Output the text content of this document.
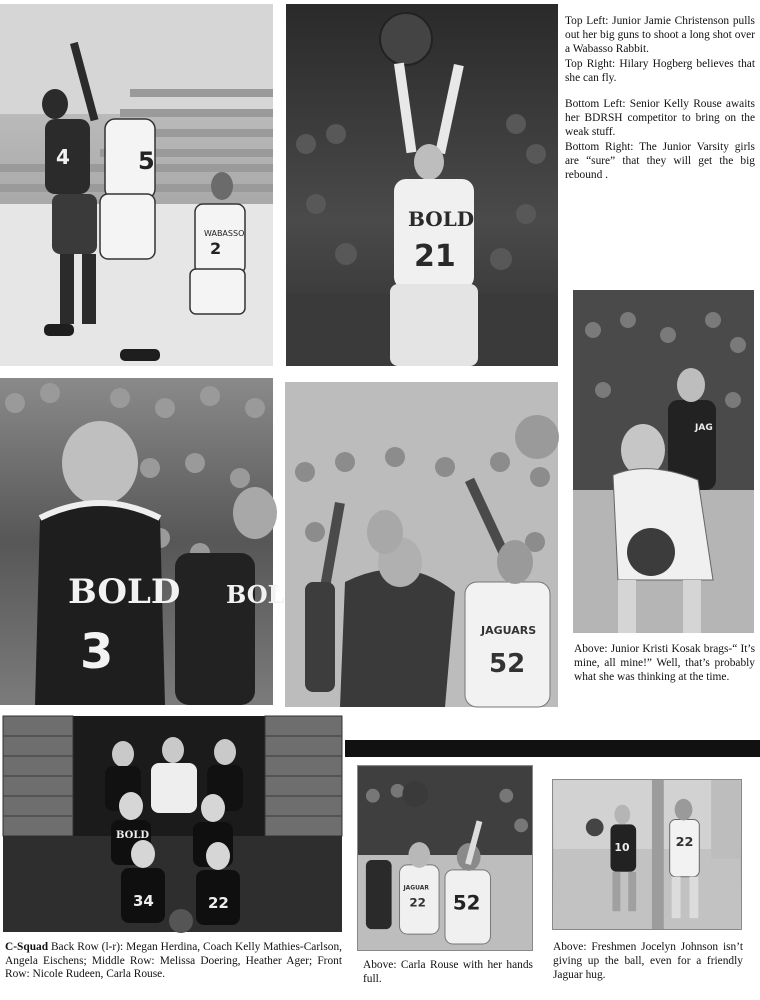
4	5
WABASSO
2
BOLD
21

Top Left: Junior Jamie Christenson pulls out her big guns to shoot a long shot over a Wabasso Rabbit.

Top Right: Hilary Hogberg believes that she can fly.

Bottom Left: Senior Kelly Rouse awaits her BDRSH competitor to bring on the weak stuff.

Bottom Right: The Junior Varsity girls are “sure” that they will get the big rebound .

BOLD
3
BOL
JAGUARS
52
JAG
Above: Junior Kristi Kosak brags-“ It’s mine, all mine!” Well, that’s probably what she was thinking at the time.
BOLD
34	22
C-Squad Back Row (l-r): Megan Herdina, Coach Kelly Mathies-Carlson, Angela Eischens; Middle Row: Melissa Doering, Heather Ager; Front Row: Nicole Rudeen, Carla Rouse.
JAGUAR
22 52
Above: Carla Rouse with her hands full.
10	22
Above: Freshmen Jocelyn Johnson isn’t giving up the ball, even for a friendly Jaguar hug.
